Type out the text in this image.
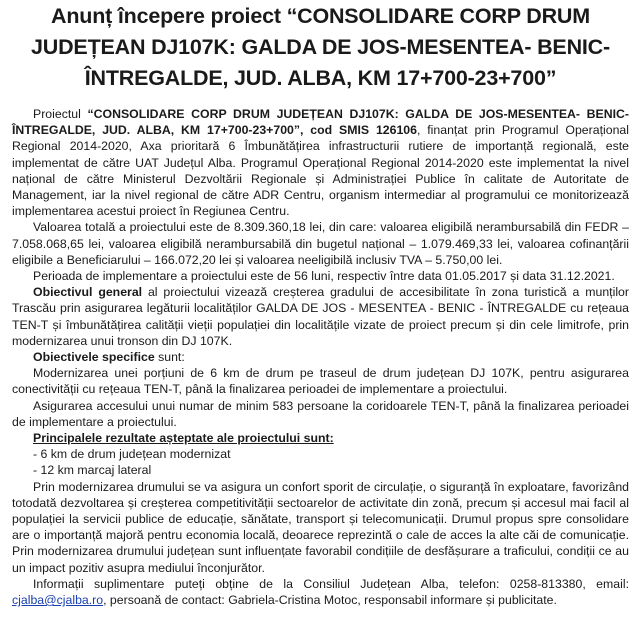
Anunț începere proiect “CONSOLIDARE CORP DRUM JUDEȚEAN DJ107K: GALDA DE JOS-MESENTEA- BENIC-ÎNTREGALDE, JUD. ALBA, KM 17+700-23+700”

Proiectul “CONSOLIDARE CORP DRUM JUDEȚEAN DJ107K: GALDA DE JOS-MESENTEA- BENIC-ÎNTREGALDE, JUD. ALBA, KM 17+700-23+700”, cod SMIS 126106, finanțat prin Programul Operațional Regional 2014-2020, Axa prioritară 6 Îmbunătățirea infrastructurii rutiere de importanță regională, este implementat de către UAT Județul Alba. Programul Operațional Regional 2014-2020 este implementat la nivel național de către Ministerul Dezvoltării Regionale și Administrației Publice în calitate de Autoritate de Management, iar la nivel regional de către ADR Centru, organism intermediar al programului ce monitorizează implementarea acestui proiect în Regiunea Centru.

Valoarea totală a proiectului este de 8.309.360,18 lei, din care: valoarea eligibilă nerambursabilă din FEDR – 7.058.068,65 lei, valoarea eligibilă nerambursabilă din bugetul național – 1.079.469,33 lei, valoarea cofinanțării eligibile a Beneficiarului – 166.072,20 lei și valoarea neeligibilă inclusiv TVA – 5.750,00 lei.

Perioada de implementare a proiectului este de 56 luni, respectiv între data 01.05.2017 și data 31.12.2021.

Obiectivul general al proiectului vizează creșterea gradului de accesibilitate în zona turistică a munților Trascău prin asigurarea legăturii localităților GALDA DE JOS - MESENTEA - BENIC - ÎNTREGALDE cu rețeaua TEN-T și îmbunătățirea calității vieții populației din localitățile vizate de proiect precum și din cele limitrofe, prin modernizarea unui tronson din DJ 107K.

Obiectivele specifice sunt:

Modernizarea unei porțiuni de 6 km de drum pe traseul de drum județean DJ 107K, pentru asigurarea conectivității cu rețeaua TEN-T, până la finalizarea perioadei de implementare a proiectului.

Asigurarea accesului unui numar de minim 583 persoane la coridoarele TEN-T, până la finalizarea perioadei de implementare a proiectului.

Principalele rezultate așteptate ale proiectului sunt:

- 6 km de drum județean modernizat

- 12 km marcaj lateral

Prin modernizarea drumului se va asigura un confort sporit de circulație, o siguranță în exploatare, favorizând totodată dezvoltarea și creșterea competitivității sectoarelor de activitate din zonă, precum și accesul mai facil al populației la servicii publice de educație, sănătate, transport și telecomunicații. Drumul propus spre consolidare are o importanță majoră pentru economia locală, deoarece reprezintă o cale de acces la alte căi de comunicație. Prin modernizarea drumului județean sunt influențate favorabil condițiile de desfășurare a traficului, condiții ce au un impact pozitiv asupra mediului înconjurător.

Informații suplimentare puteți obține de la Consiliul Județean Alba, telefon: 0258-813380, email: cjalba@cjalba.ro, persoană de contact: Gabriela-Cristina Motoc, responsabil informare și publicitate.
